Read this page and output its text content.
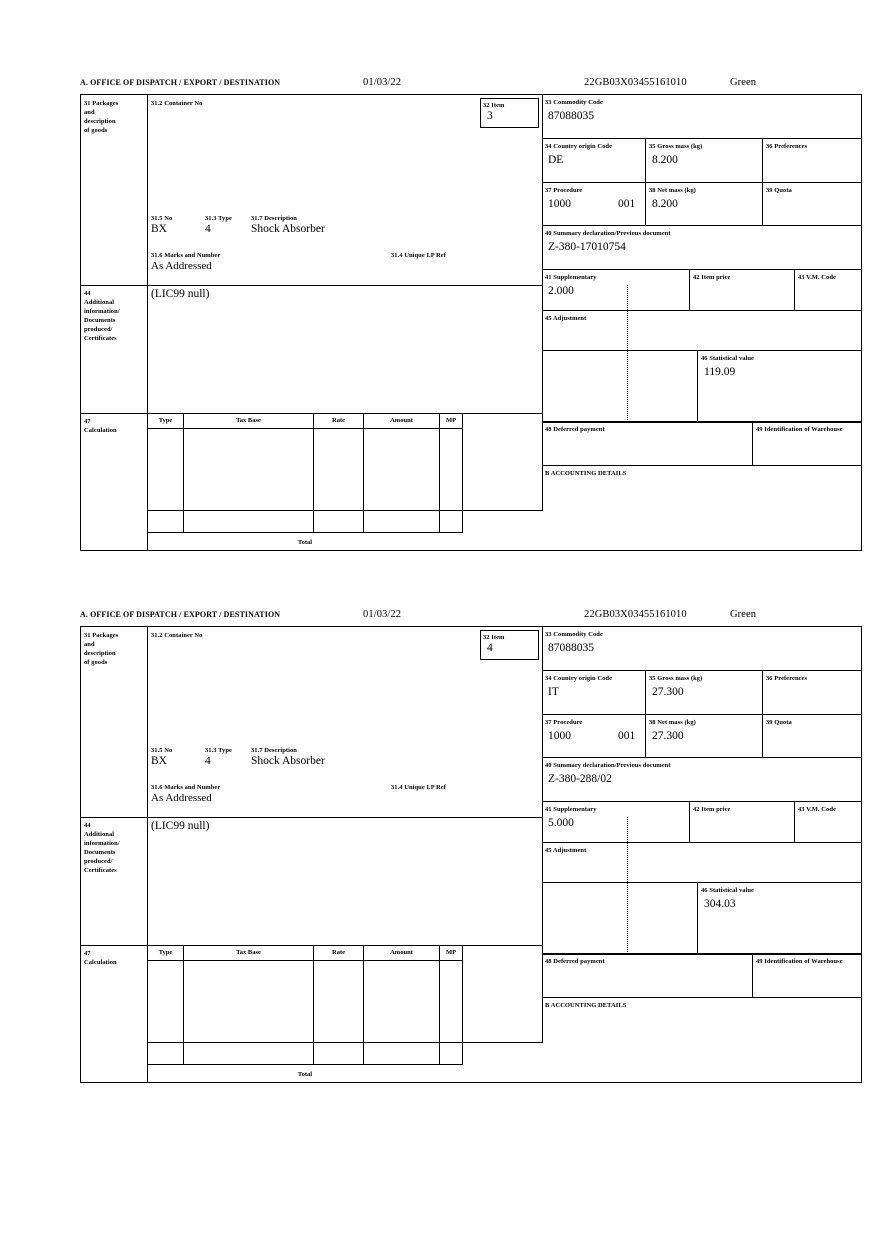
A. OFFICE OF DISPATCH / EXPORT / DESTINATION	01/03/22	22GB03X03455161010	Green
31 Packages
and
description
of goods
44
Additional
information/
Documents
produced/
Certificates
47
Calculation
31.2 Container No
31.5 No	31.3 Type	31.7 Description
BX	4	Shock Absorber
31.6 Marks and Number
As Addressed
31.4 Unique I.P Ref
32 Item
3
(LIC99 null)
33 Commodity Code
87088035
34 Country origin Code
DE
35 Gross mass (kg)
8.200
36 Preferences
37 Procedure
1000	001
38 Net mass (kg)
8.200
39 Quota
40 Summary declaration/Previous document
Z-380-17010754
41 Supplementary
2.000
42 Item price	43 V.M. Code
45 Adjustment
46 Statistical value
119.09
Type	Tax Base	Rate	Amount	MP
Total
48 Deferred payment	49 Identification of Warehouse
B ACCOUNTING DETAILS
A. OFFICE OF DISPATCH / EXPORT / DESTINATION	01/03/22	22GB03X03455161010	Green
31 Packages
and
description
of goods
44
Additional
information/
Documents
produced/
Certificates
47
Calculation
31.2 Container No
31.5 No	31.3 Type	31.7 Description
BX	4	Shock Absorber
31.6 Marks and Number
As Addressed
31.4 Unique I.P Ref
32 Item
4
(LIC99 null)
33 Commodity Code
87088035
34 Country origin Code
IT
35 Gross mass (kg)
27.300
36 Preferences
37 Procedure
1000	001
38 Net mass (kg)
27.300
39 Quota
40 Summary declaration/Previous document
Z-380-288/02
41 Supplementary
5.000
42 Item price	43 V.M. Code
45 Adjustment
46 Statistical value
304.03
Type	Tax Base	Rate	Amount	MP
Total
48 Deferred payment	49 Identification of Warehouse
B ACCOUNTING DETAILS
